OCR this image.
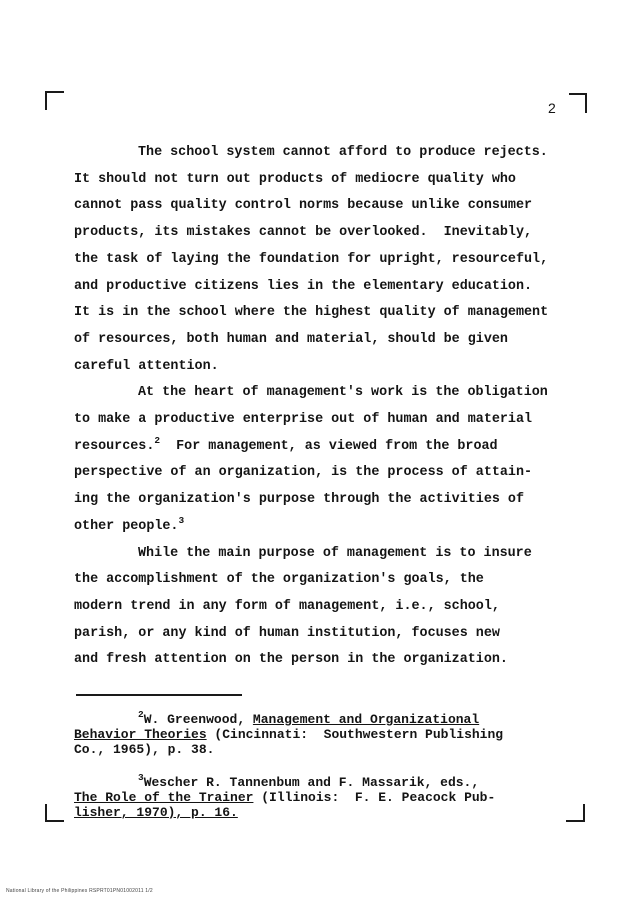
2

The school system cannot afford to produce rejects.
It should not turn out products of mediocre quality who
cannot pass quality control norms because unlike consumer
products, its mistakes cannot be overlooked.  Inevitably,
the task of laying the foundation for upright, resourceful,
and productive citizens lies in the elementary education.
It is in the school where the highest quality of management
of resources, both human and material, should be given
careful attention.

At the heart of management's work is the obligation
to make a productive enterprise out of human and material
resources.$^2$ For management, as viewed from the broad
perspective of an organization, is the process of attain-
ing the organization's purpose through the activities of
other people.$^3$

While the main purpose of management is to insure
the accomplishment of the organization's goals, the
modern trend in any form of management, i.e., school,
parish, or any kind of human institution, focuses new
and fresh attention on the person in the organization.

$^2$W. Greenwood, Management and Organizational
Behavior Theories (Cincinnati:  Southwestern Publishing
Co., 1965), p. 38.

$^3$Wescher R. Tannenbum and F. Massarik, eds.,
The Role of the Trainer (Illinois:  F. E. Peacock Pub-
lisher, 1970), p. 16.

National Library of the Philippines RSPRT01PN01002011 1/2
